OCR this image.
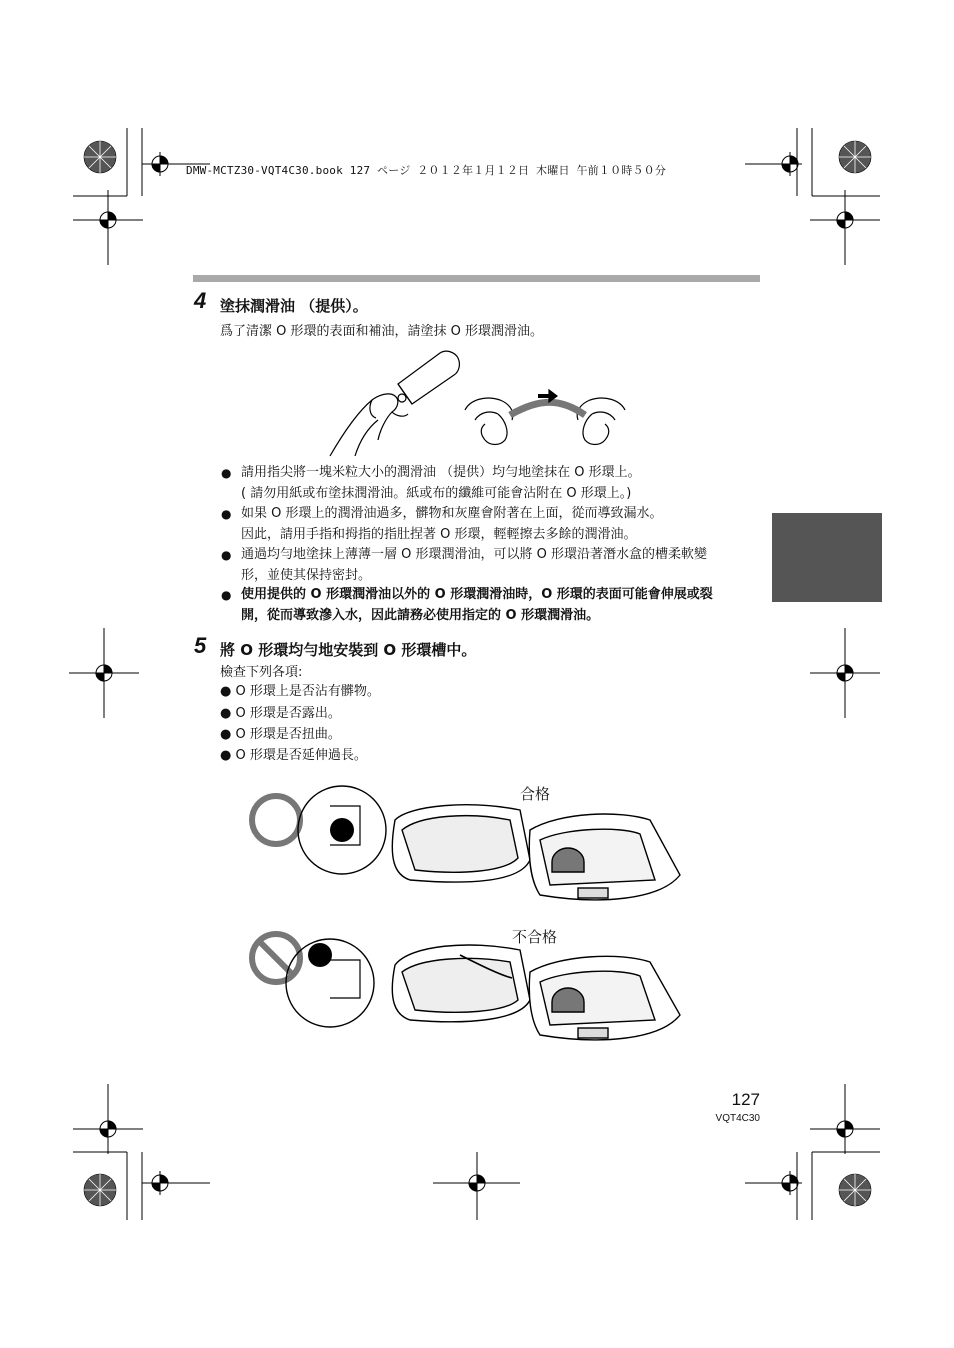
DMW-MCTZ30-VQT4C30.book 127 ページ ２０１２年１月１２日 木曜日 午前１０時５０分
4 塗抹潤滑油 （提供）。
爲了清潔 O 形環的表面和補油，請塗抹 O 形環潤滑油。
● 請用指尖將一塊米粒大小的潤滑油 （提供）均勻地塗抹在 O 形環上。
( 請勿用紙或布塗抹潤滑油。紙或布的纖維可能會沾附在 O 形環上。)
● 如果 O 形環上的潤滑油過多，髒物和灰塵會附著在上面，從而導致漏水。
因此，請用手指和拇指的指肚捏著 O 形環，輕輕擦去多餘的潤滑油。
● 通過均勻地塗抹上薄薄一層 O 形環潤滑油，可以將 O 形環沿著潛水盒的槽柔軟變
形，並使其保持密封。
● 使用提供的 O 形環潤滑油以外的 O 形環潤滑油時，O 形環的表面可能會伸展或裂
開，從而導致滲入水，因此請務必使用指定的 O 形環潤滑油。
5 將 O 形環均勻地安裝到 O 形環槽中。
檢查下列各項:
● O 形環上是否沾有髒物。
● O 形環是否露出。
● O 形環是否扭曲。
● O 形環是否延伸過長。
合格
不合格
127
VQT4C30
